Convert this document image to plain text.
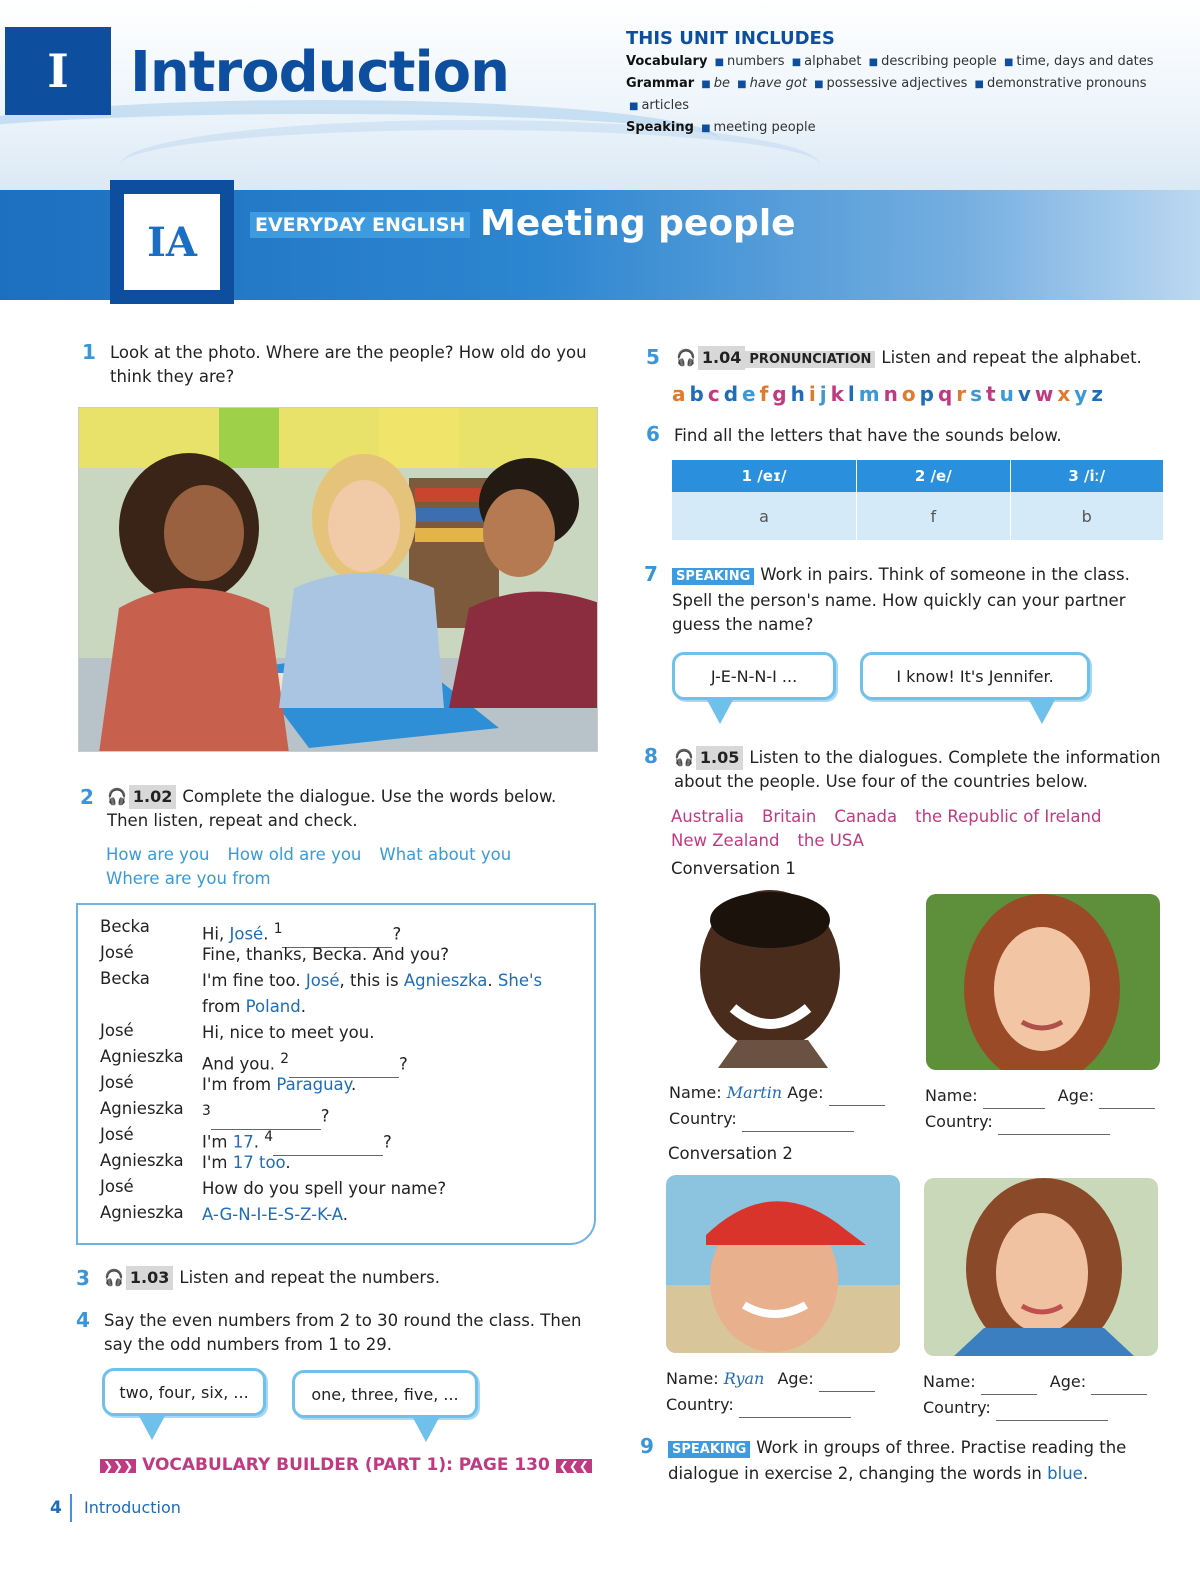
I Introduction
THIS UNIT INCLUDES
Vocabulary ■ numbers ■ alphabet ■ describing people ■ time, days and dates
Grammar ■ be ■ have got ■ possessive adjectives ■ demonstrative pronouns
■ articles
Speaking ■ meeting people
IA	EVERYDAY ENGLISH Meeting people
1 Look at the photo. Where are the people? How old do you think they are?
2 🎧 1.02 Complete the dialogue. Use the words below. Then listen, repeat and check.
How are you How old are you What about you
Where are you from
Becka	Hi, José. $^1$	?
José	Fine, thanks, Becka. And you?
Becka	I'm fine too. José, this is Agnieszka. She's
from Poland.
José	Hi, nice to meet you.
Agnieszka And you. $^2$	?
José	I'm from Paraguay.
Agnieszka $^3$	?
José	I'm 17. $^4$	?
Agnieszka I'm 17 too.
José	How do you spell your name?
Agnieszka A-G-N-I-E-S-Z-K-A.
3 🎧 1.03 Listen and repeat the numbers.
4 Say the even numbers from 2 to 30 round the class. Then say the odd numbers from 1 to 29.
two, four, six, ...	one, three, five, ...
❯❯❯ VOCABULARY BUILDER (PART 1): PAGE 130 ❮❮❮
4 Introduction
5 🎧 1.04 PRONUNCIATION Listen and repeat the alphabet.
abcdefghijklmnopqrstuvwxyz
6 Find all the letters that have the sounds below.
1 /eɪ/	2 /e/	3 /iː/
a	f	b
7	SPEAKING Work in pairs. Think of someone in the class. Spell the person's name. How quickly can your partner guess the name?
J-E-N-N-I ...	I know! It's Jennifer.
8 🎧 1.05 Listen to the dialogues. Complete the information about the people. Use four of the countries below.
Australia Britain Canada the Republic of Ireland
New Zealand the USA
Conversation 1
Name: Martin Age:
Country:
Name:	Age:
Country:
Conversation 2
Name: Ryan Age:
Country:
Name:	Age:
Country:
9	SPEAKING Work in groups of three. Practise reading the dialogue in exercise 2, changing the words in blue.
